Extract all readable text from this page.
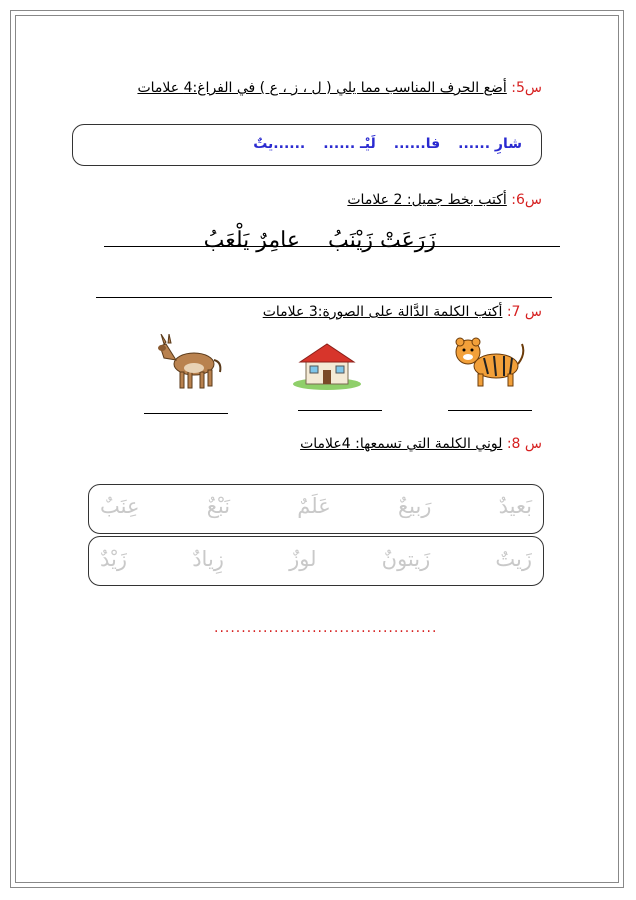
س5: أضع الحرف المناسب مما يلي ( ل ، ز ، ع ) في الفراغ:4 علامات
شارِ ......
فا......
لَيْـ ......
......يتٌ
س6: أكتب بخط جميل: 2 علامات
زَرَعَتْ زَيْنَبُ
عامِرٌ يَلْعَبُ
س 7: أكتب الكلمة الدَّالة على الصورة:3 علامات
س 8: لوني الكلمة التي تسمعها: 4علامات
بَعيدٌ
رَبيعٌ
عَلَمٌ
نَبْعٌ
عِنَبٌ
زَيتٌ
زَيتونٌ
لوزٌ
زِيادٌ
زَيْدٌ
.........................................
